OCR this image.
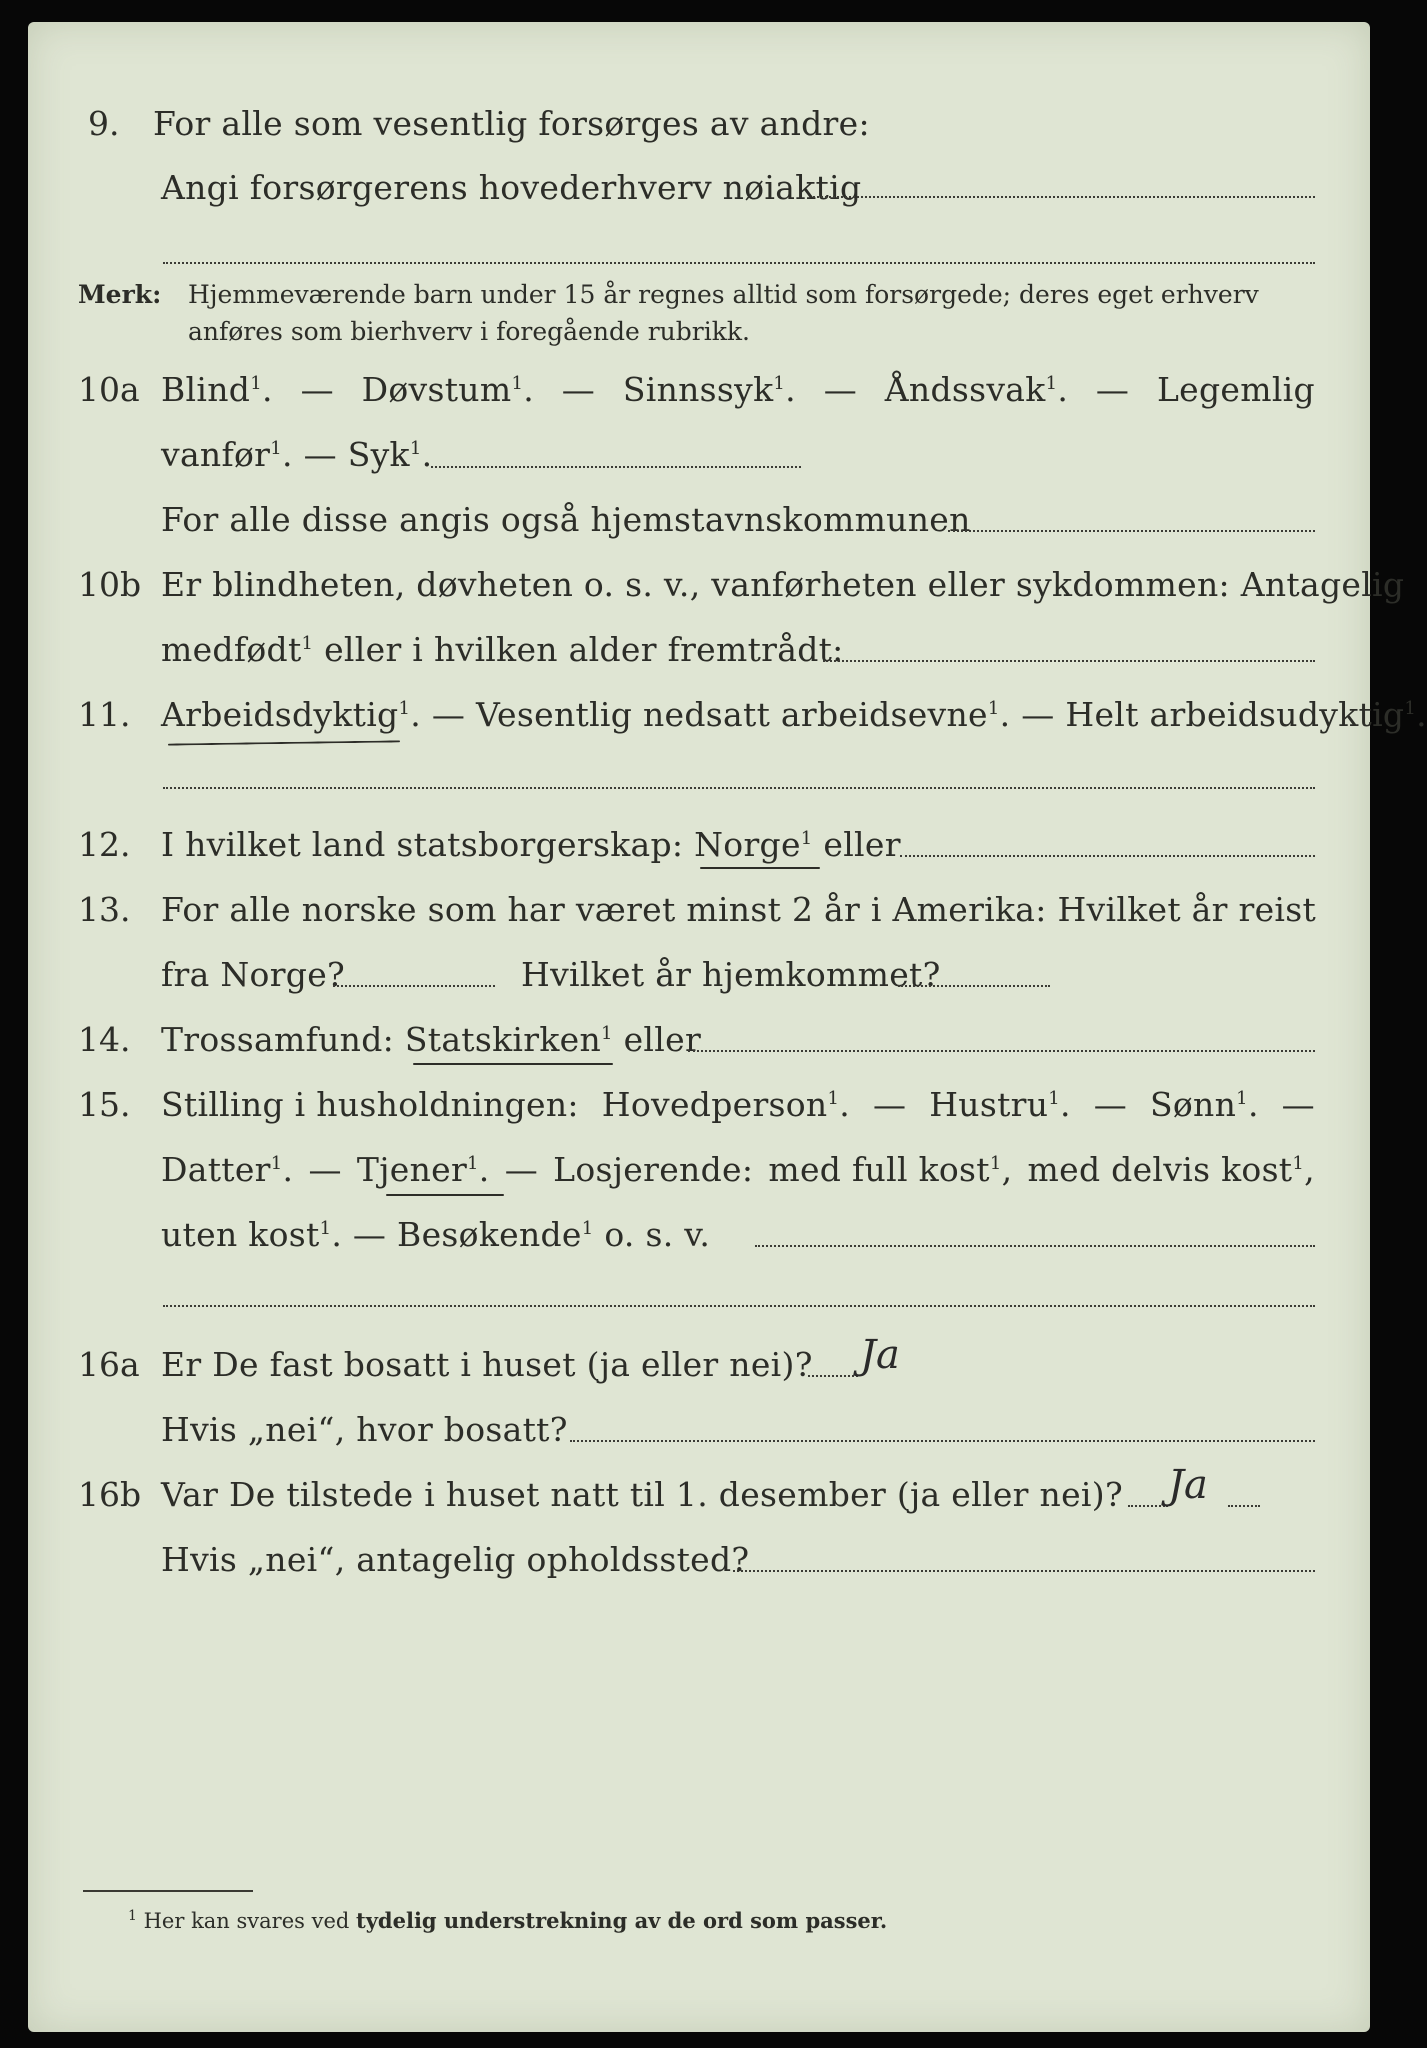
9. For alle som vesentlig forsørges av andre:
Angi forsørgerens hovederhverv nøiaktig
Merk: Hjemmeværende barn under 15 år regnes alltid som forsørgede; deres eget erhverv
anføres som bierhverv i foregående rubrikk.
10a Blind$^1$. — Døvstum$^1$. — Sinnssyk$^1$. — Åndssvak$^1$. — Legemlig
vanfør$^1$. — Syk$^1$.
For alle disse angis også hjemstavnskommunen
10b Er blindheten, døvheten o. s. v., vanførheten eller sykdommen: Antagelig
medfødt$^1$ eller i hvilken alder fremtrådt:
11. Arbeidsdyktig$^1$. — Vesentlig nedsatt arbeidsevne$^1$. — Helt arbeidsudyktig$^1$.
12. I hvilket land statsborgerskap: Norge$^1$ eller
13. For alle norske som har været minst 2 år i Amerika: Hvilket år reist
fra Norge?	Hvilket år hjemkommet?
14. Trossamfund: Statskirken$^1$ eller
15. Stilling i husholdningen: Hovedperson$^1$. — Hustru$^1$. — Sønn$^1$. —
Datter$^1$. — Tjener$^1$. — Losjerende: med full kost$^1$, med delvis kost$^1$,
uten kost$^1$. — Besøkende$^1$ o. s. v.
16a Er De fast bosatt i huset (ja eller nei)? Ja
Hvis „nei“, hvor bosatt?
16b Var De tilstede i huset natt til 1. desember (ja eller nei)? Ja
Hvis „nei“, antagelig opholdssted?
$^1$ Her kan svares ved tydelig understrekning av de ord som passer.
